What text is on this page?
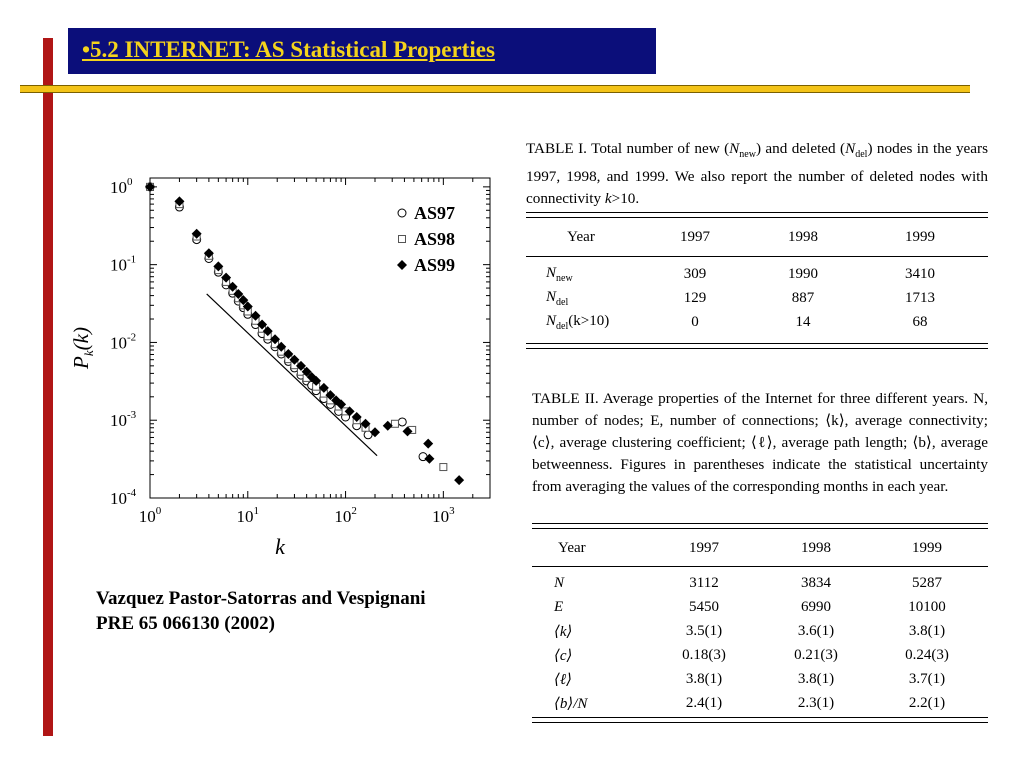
•5.2 INTERNET: AS Statistical Properties
$10^0$	$10^1$	$10^2$	$10^3$
$10^0$
$10^{-1}$
$10^{-2}$
$10^{-3}$
$10^{-4}$
k
$P_k(k)$
AS97
AS98
AS99
Vazquez Pastor-Satorras and Vespignani
PRE 65 066130 (2002)
TABLE I. Total number of new $(N_{new})$ and deleted $(N_{del})$ nodes in the years 1997, 1998, and 1999. We also report the number of deleted nodes with connectivity k>10.
Year	1997	1998	1999
$N_{new}$	309	1990	3410
$N_{del}$	129	887	1713
$N_{del}(k>10)$	0	14	68
TABLE II. Average properties of the Internet for three different years. N, number of nodes; E, number of connections; ⟨k⟩, average connectivity; ⟨c⟩, average clustering coefficient; ⟨ℓ⟩, average path length; ⟨b⟩, average betweenness. Figures in parentheses indicate the statistical uncertainty from averaging the values of the corresponding months in each year.
Year	1997	1998	1999
N	3112	3834	5287
E	5450	6990	10100
⟨k⟩	3.5(1)	3.6(1)	3.8(1)
⟨c⟩	0.18(3)	0.21(3)	0.24(3)
⟨ℓ⟩	3.8(1)	3.8(1)	3.7(1)
⟨b⟩/N	2.4(1)	2.3(1)	2.2(1)
